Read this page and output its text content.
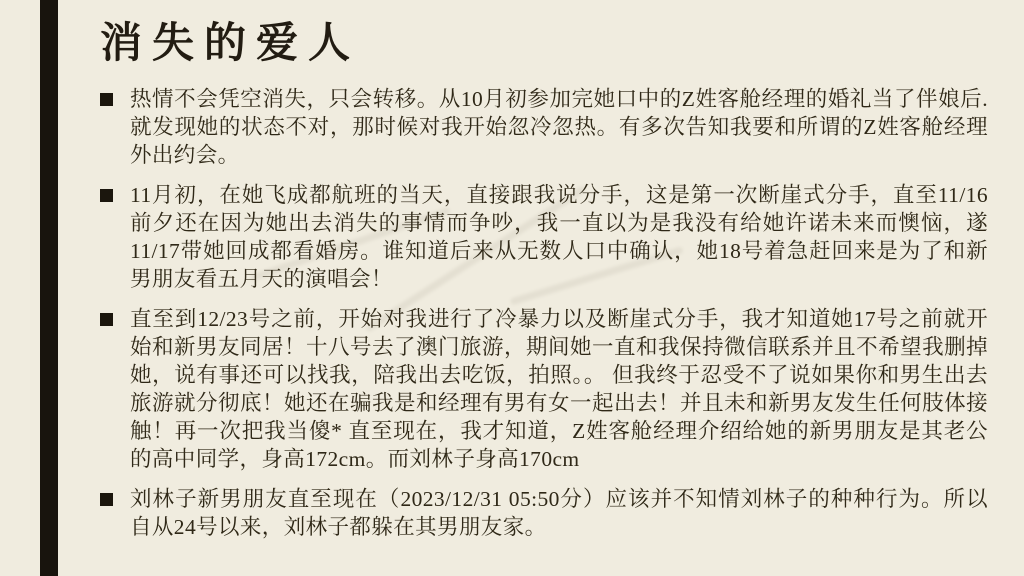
消失的爱人
热情不会凭空消失，只会转移。从10月初参加完她口中的Z姓客舱经理的婚礼当了伴娘后.就发现她的状态不对，那时候对我开始忽冷忽热。有多次告知我要和所谓的Z姓客舱经理外出约会。
11月初，在她飞成都航班的当天，直接跟我说分手，这是第一次断崖式分手，直至11/16前夕还在因为她出去消失的事情而争吵，我一直以为是我没有给她许诺未来而懊恼，遂11/17带她回成都看婚房。谁知道后来从无数人口中确认，她18号着急赶回来是为了和新男朋友看五月天的演唱会！
直至到12/23号之前，开始对我进行了冷暴力以及断崖式分手，我才知道她17号之前就开始和新男友同居！十八号去了澳门旅游，期间她一直和我保持微信联系并且不希望我删掉她，说有事还可以找我，陪我出去吃饭，拍照。。 但我终于忍受不了说如果你和男生出去旅游就分彻底！她还在骗我是和经理有男有女一起出去！并且未和新男友发生任何肢体接触！再一次把我当傻* 直至现在，我才知道，Z姓客舱经理介绍给她的新男朋友是其老公的高中同学，身高172cm。而刘林子身高170cm
刘林子新男朋友直至现在（2023/12/31 05:50分）应该并不知情刘林子的种种行为。所以自从24号以来，刘林子都躲在其男朋友家。
